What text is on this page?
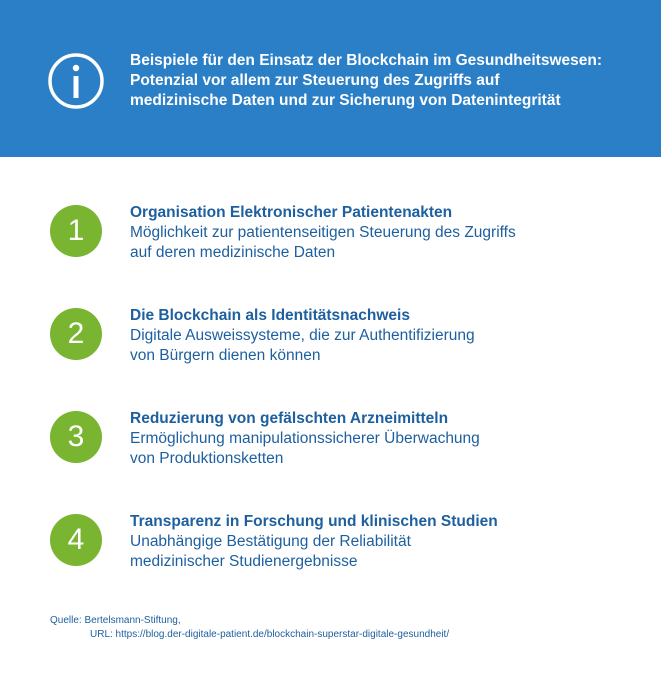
Beispiele für den Einsatz der Blockchain im Gesundheitswesen:
Potenzial vor allem zur Steuerung des Zugriffs auf
medizinische Daten und zur Sicherung von Datenintegrität
1
Organisation Elektronischer Patientenakten
Möglichkeit zur patientenseitigen Steuerung des Zugriffs
auf deren medizinische Daten
2
Die Blockchain als Identitätsnachweis
Digitale Ausweissysteme, die zur Authentifizierung
von Bürgern dienen können
3
Reduzierung von gefälschten Arzneimitteln
Ermöglichung manipulationssicherer Überwachung
von Produktionsketten
4
Transparenz in Forschung und klinischen Studien
Unabhängige Bestätigung der Reliabilität
medizinischer Studienergebnisse
Quelle: Bertelsmann-Stiftung,
URL: https://blog.der-digitale-patient.de/blockchain-superstar-digitale-gesundheit/
